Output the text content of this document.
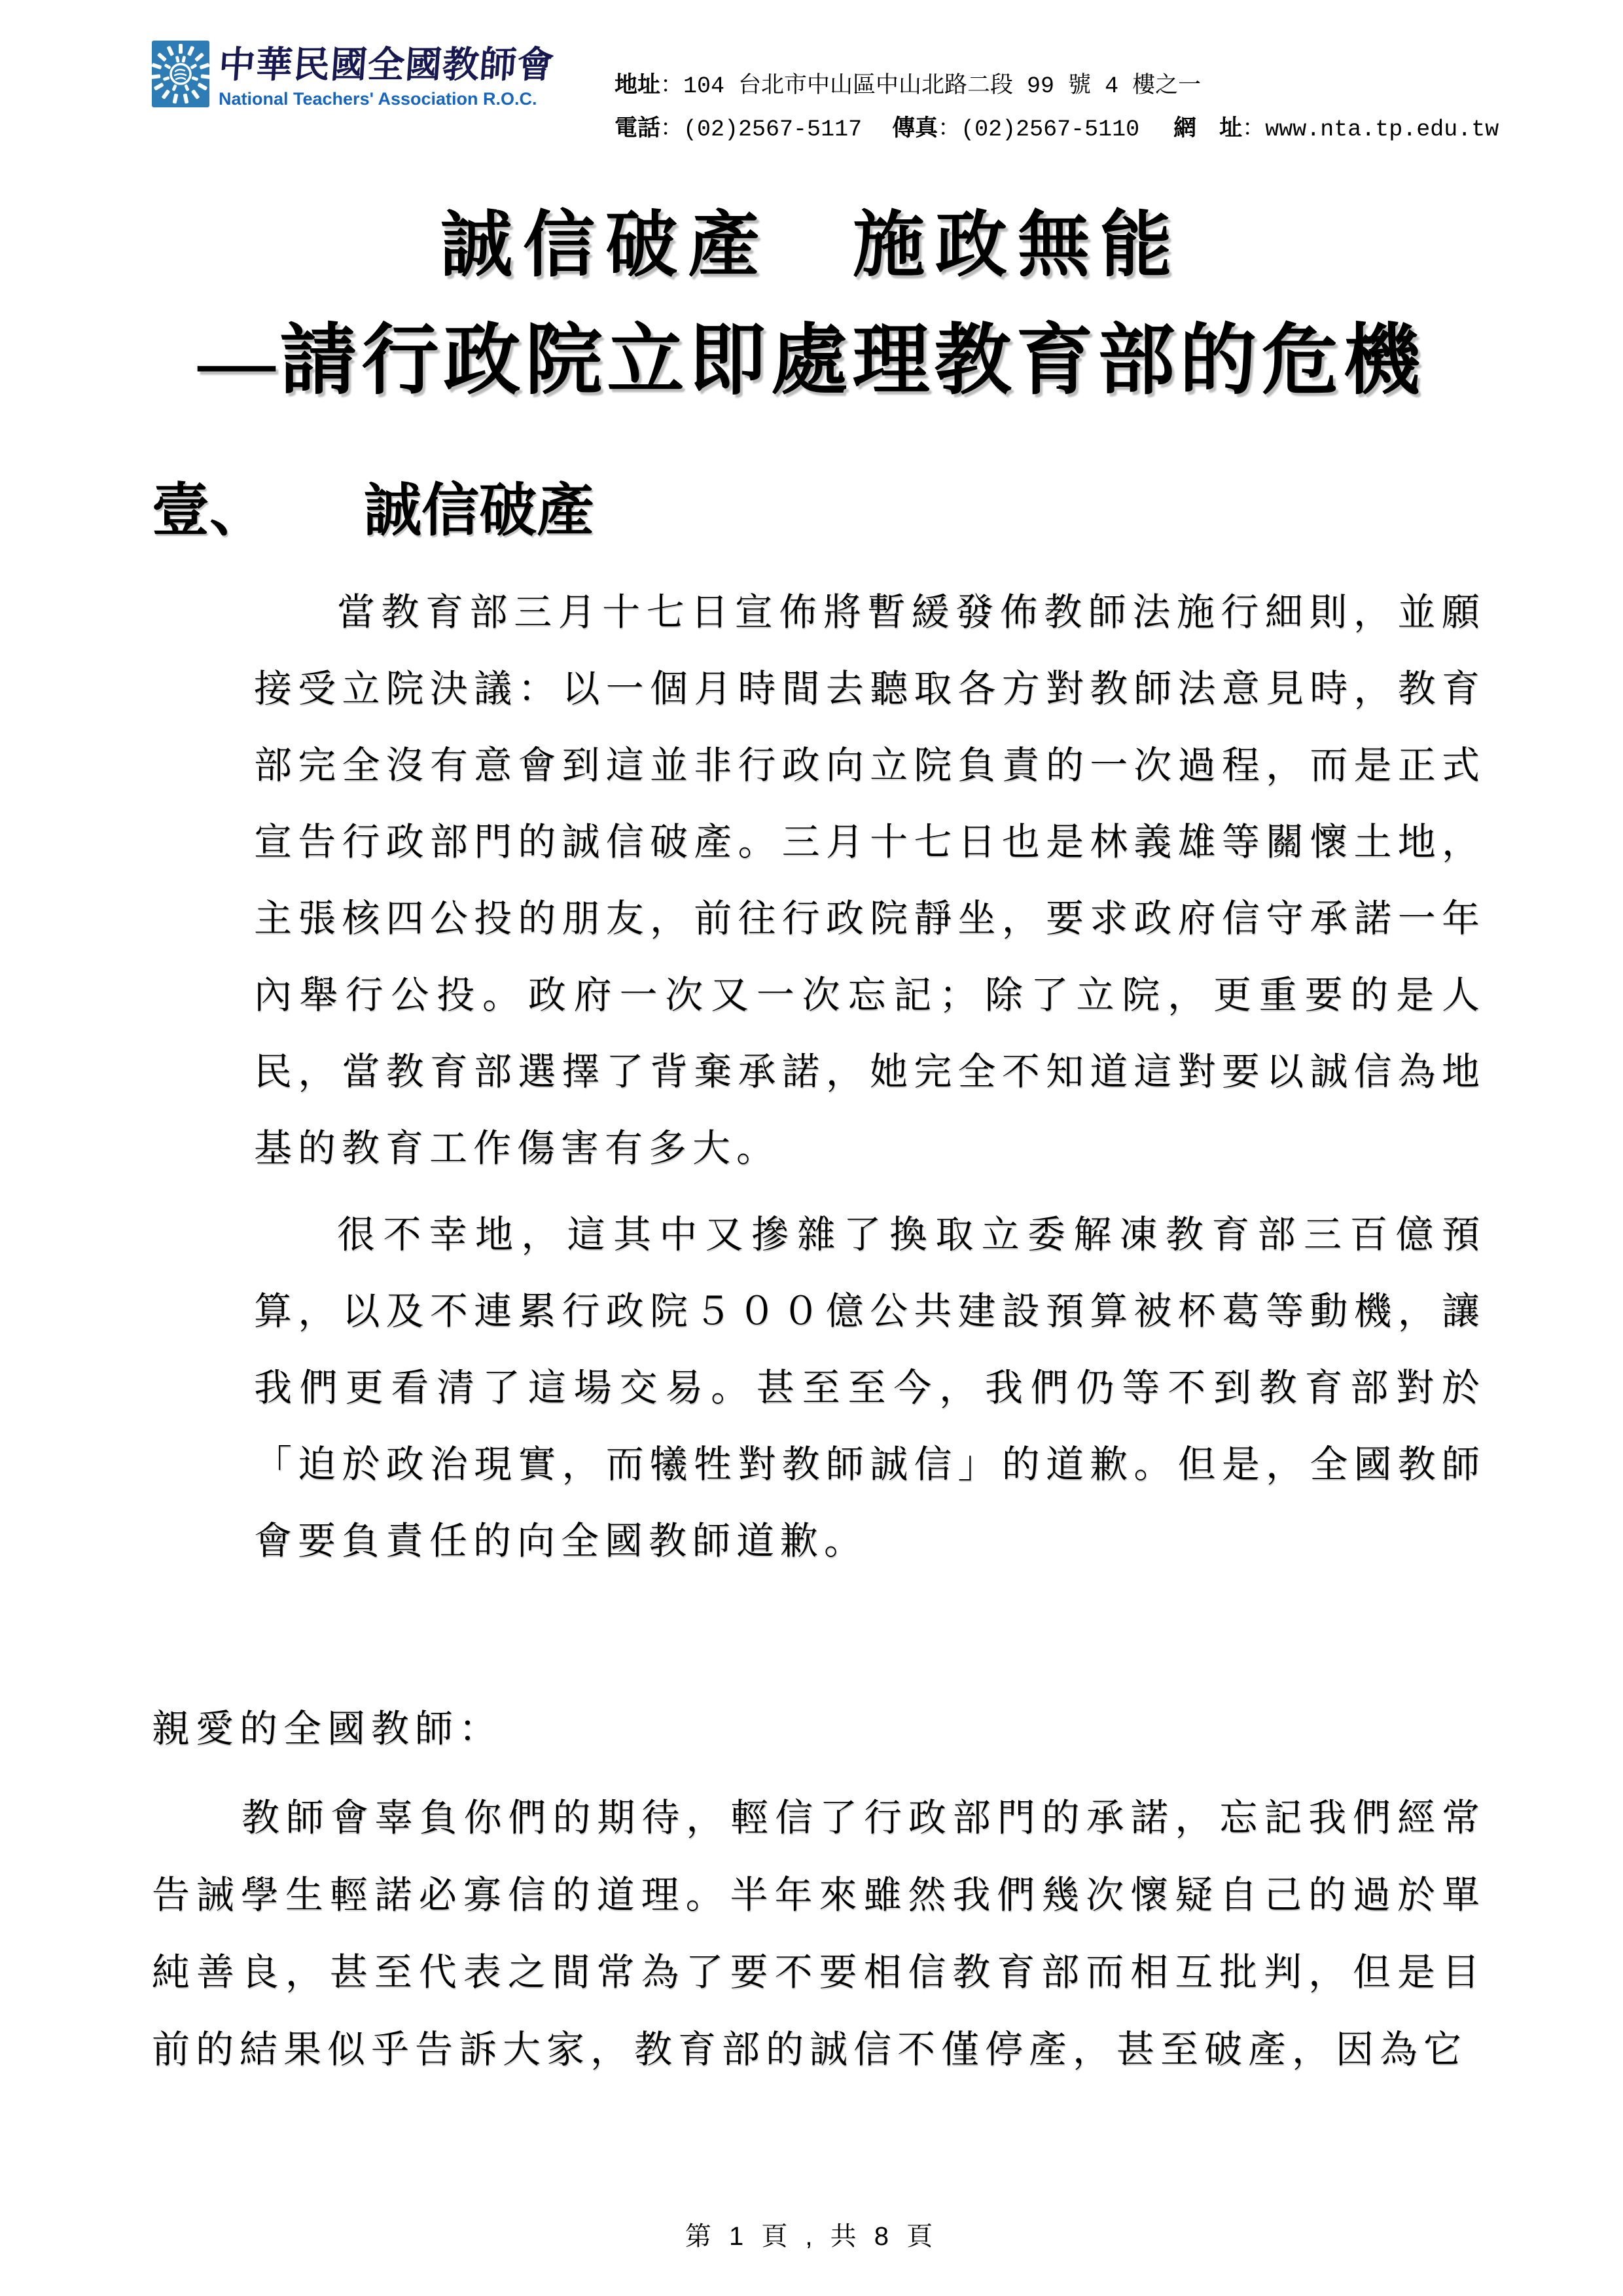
中華民國全國教師會
National Teachers' Association R.O.C.
地址：104 台北市中山區中山北路二段 99 號 4 樓之一
電話：(02)2567-5117 傳真：(02)2567-5110 網　址：www.nta.tp.edu.tw
誠信破產　施政無能
—請行政院立即處理教育部的危機
壹、 誠信破產

當教育部三月十七日宣佈將暫緩發佈教師法施行細則，並願接受立院決議：以一個月時間去聽取各方對教師法意見時，教育部完全沒有意會到這並非行政向立院負責的一次過程，而是正式宣告行政部門的誠信破產。三月十七日也是林義雄等關懷土地，主張核四公投的朋友，前往行政院靜坐，要求政府信守承諾一年內舉行公投。政府一次又一次忘記；除了立院，更重要的是人民，當教育部選擇了背棄承諾，她完全不知道這對要以誠信為地基的教育工作傷害有多大。

很不幸地，這其中又摻雜了換取立委解凍教育部三百億預算，以及不連累行政院５００億公共建設預算被杯葛等動機，讓我們更看清了這場交易。甚至至今，我們仍等不到教育部對於「迫於政治現實，而犧牲對教師誠信」的道歉。但是，全國教師會要負責任的向全國教師道歉。

親愛的全國教師：

教師會辜負你們的期待，輕信了行政部門的承諾，忘記我們經常告誡學生輕諾必寡信的道理。半年來雖然我們幾次懷疑自己的過於單純善良，甚至代表之間常為了要不要相信教育部而相互批判，但是目前的結果似乎告訴大家，教育部的誠信不僅停產，甚至破產，因為它

第 1 頁 , 共 8 頁
